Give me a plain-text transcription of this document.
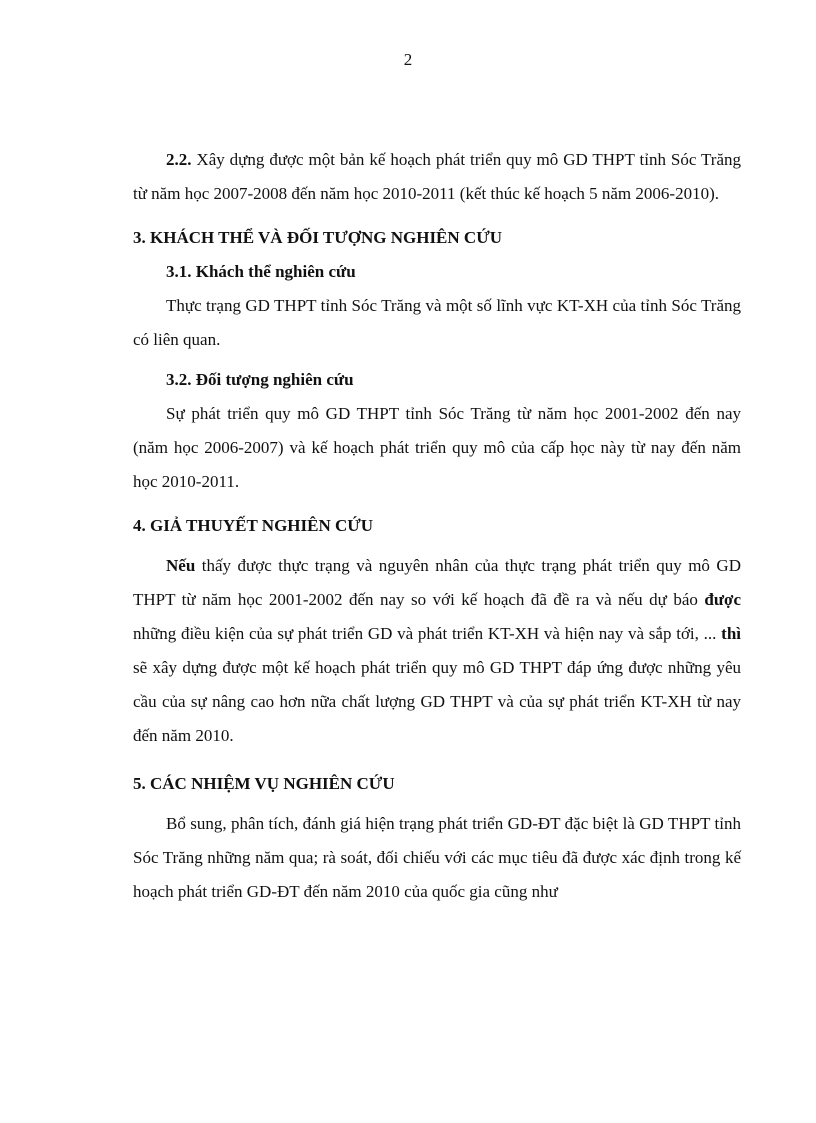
2

2.2. Xây dựng được một bản kế hoạch phát triển quy mô GD THPT tỉnh Sóc Trăng từ năm học 2007-2008 đến năm học 2010-2011 (kết thúc kế hoạch 5 năm 2006-2010).

3. KHÁCH THỂ VÀ ĐỐI TƯỢNG NGHIÊN CỨU
3.1. Khách thể nghiên cứu

Thực trạng GD THPT tỉnh Sóc Trăng và một số lĩnh vực KT-XH của tỉnh Sóc Trăng có liên quan.

3.2. Đối tượng nghiên cứu

Sự phát triển quy mô GD THPT tỉnh Sóc Trăng từ năm học 2001-2002 đến nay (năm học 2006-2007) và kế hoạch phát triển quy mô của cấp học này từ nay đến năm học 2010-2011.

4. GIẢ THUYẾT NGHIÊN CỨU

Nếu thấy được thực trạng và nguyên nhân của thực trạng phát triển quy mô GD THPT từ năm học 2001-2002 đến nay so với kế hoạch đã đề ra và nếu dự báo được những điều kiện của sự phát triển GD và phát triển KT-XH và hiện nay và sắp tới, ... thì sẽ xây dựng được một kế hoạch phát triển quy mô GD THPT đáp ứng được những yêu cầu của sự nâng cao hơn nữa chất lượng GD THPT và của sự phát triển KT-XH từ nay đến năm 2010.

5. CÁC NHIỆM VỤ NGHIÊN CỨU

Bổ sung, phân tích, đánh giá hiện trạng phát triển GD-ĐT đặc biệt là GD THPT tỉnh Sóc Trăng những năm qua; rà soát, đối chiếu với các mục tiêu đã được xác định trong kế hoạch phát triển GD-ĐT đến năm 2010 của quốc gia cũng như
